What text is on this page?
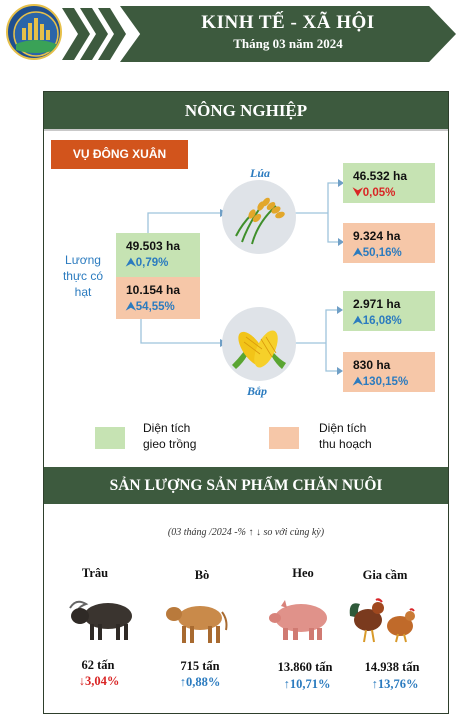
KINH TẾ - XÃ HỘI
Tháng 03 năm 2024
NÔNG NGHIỆP
VỤ ĐÔNG XUÂN
Lương
thực có
hạt
49.503 ha
⮝0,79%
10.154 ha
⮝54,55%
Lúa	46.532 ha
⮟0,05%
9.324 ha
⮝50,16%
Bắp
2.971 ha
⮝16,08%
830 ha
⮝130,15%
Diện tích
gieo trồng
Diện tích
thu hoạch
SẢN LƯỢNG SẢN PHẨM CHĂN NUÔI
(03 tháng /2024 -% ↑ ↓ so với cùng kỳ)
Trâu
62 tấn
↓3,04%
Bò
715 tấn
↑0,88%
Heo
13.860 tấn
↑10,71%
Gia cầm
14.938 tấn
↑13,76%
